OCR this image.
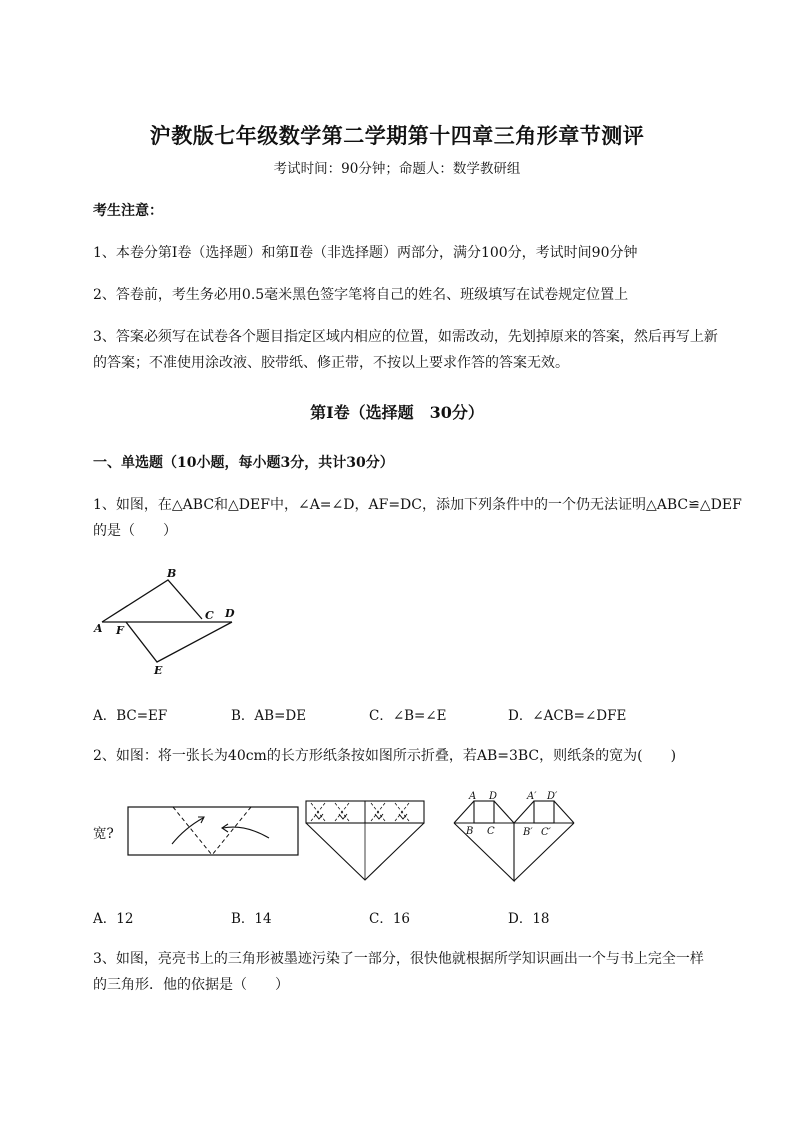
沪教版七年级数学第二学期第十四章三角形章节测评
考试时间：90分钟；命题人：数学教研组
考生注意：
1、本卷分第Ⅰ卷（选择题）和第Ⅱ卷（非选择题）两部分，满分100分，考试时间90分钟
2、答卷前，考生务必用0.5毫米黑色签字笔将自己的姓名、班级填写在试卷规定位置上
3、答案必须写在试卷各个题目指定区域内相应的位置，如需改动，先划掉原来的答案，然后再写上新
的答案；不准使用涂改液、胶带纸、修正带，不按以上要求作答的答案无效。
第Ⅰ卷（选择题　30分）
一、单选题（10小题，每小题3分，共计30分）
1、如图，在△ABC和△DEF中，∠A=∠D，AF=DC，添加下列条件中的一个仍无法证明△ABC≌△DEF
的是（　　）
B
A F
C D
E
A．BC=EF	B．AB=DE	C．∠B=∠E	D．∠ACB=∠DFE
2、如图：将一张长为40cm的长方形纸条按如图所示折叠，若AB=3BC，则纸条的宽为(　　)
宽?
A D
B C
A′ D′
B′ C′
A．12	B．14	C．16	D．18
3、如图，亮亮书上的三角形被墨迹污染了一部分，很快他就根据所学知识画出一个与书上完全一样
的三角形．他的依据是（　　）
